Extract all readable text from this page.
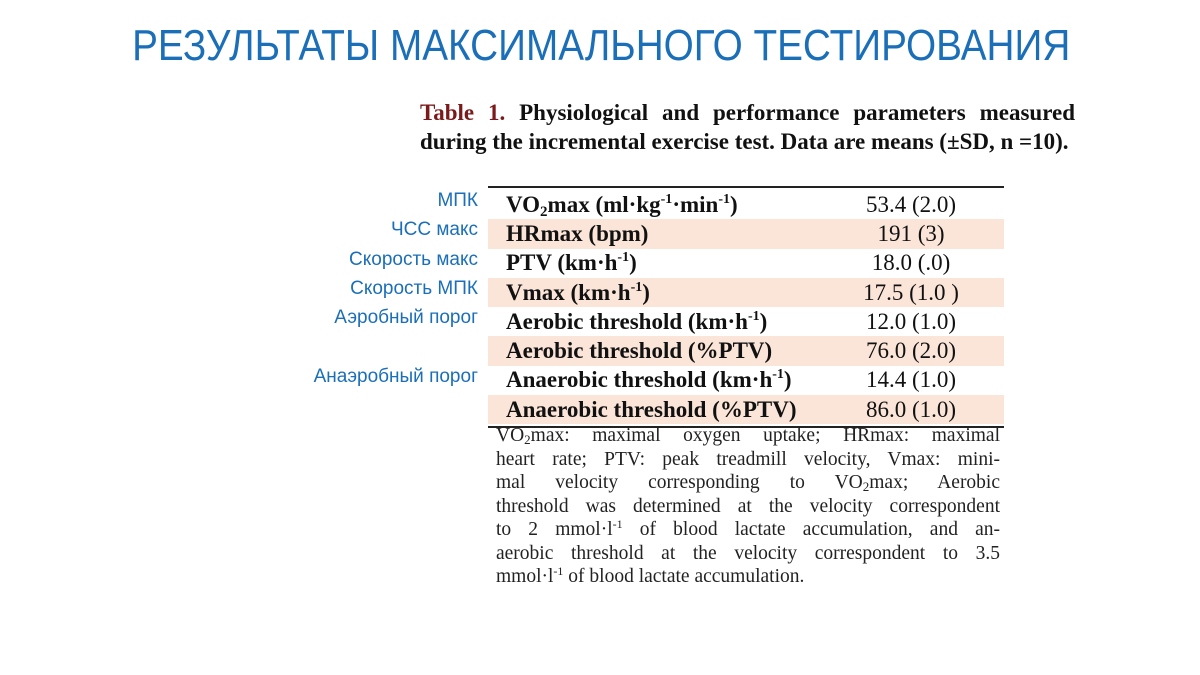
РЕЗУЛЬТАТЫ МАКСИМАЛЬНОГО ТЕСТИРОВАНИЯ
Table 1. Physiological and performance parameters measured during the incremental exercise test. Data are means (±SD, n =10).
МПК
ЧСС макс
Скорость макс
Скорость МПК
Аэробный порог
Анаэробный порог
$VO_2\max$ $(ml\cdot kg^{-1}\cdot\min^{-1})$	53.4 (2.0)
HRmax (bpm)	191 (3)
PTV $(km\cdot h^{-1})$	18.0 (.0)
Vmax $(km\cdot h^{-1})$	17.5 (1.0 )
Aerobic threshold $(km\cdot h^{-1})$	12.0 (1.0)
Aerobic threshold (%PTV)	76.0 (2.0)
Anaerobic threshold $(km\cdot h^{-1})$	14.4 (1.0)
Anaerobic threshold (%PTV)	86.0 (1.0)
$VO_2\max$: maximal oxygen uptake; HRmax: maximal
heart rate; PTV: peak treadmill velocity, Vmax: mini-
mal velocity corresponding to $VO_2\max$; Aerobic
threshold was determined at the velocity correspondent
to 2 $mmol\cdot l^{-1}$ of blood lactate accumulation, and an-
aerobic threshold at the velocity correspondent to 3.5
$mmol\cdot l^{-1}$ of blood lactate accumulation.
